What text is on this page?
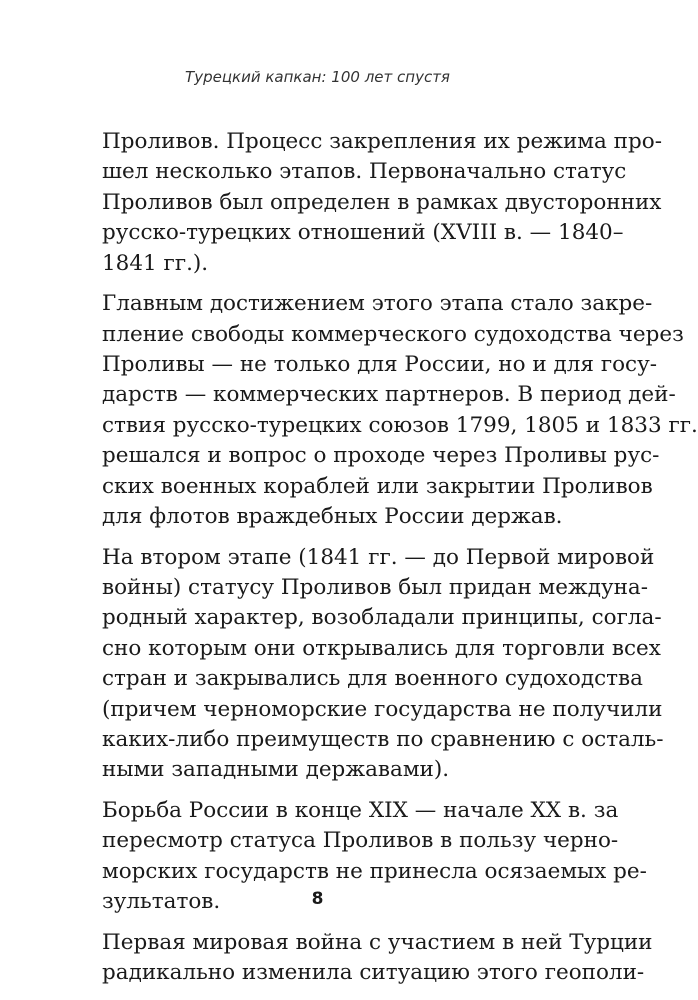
Турецкий капкан: 100 лет спустя
Проливов. Процесс закрепления их режима про-
шел несколько этапов. Первоначально статус
Проливов был определен в рамках двусторонних
русско-турецких отношений (XVIII в. — 1840–
1841 гг.).
Главным достижением этого этапа стало закре-
пление свободы коммерческого судоходства через
Проливы — не только для России, но и для госу-
дарств — коммерческих партнеров. В период дей-
ствия русско-турецких союзов 1799, 1805 и 1833 гг.
решался и вопрос о проходе через Проливы рус-
ских военных кораблей или закрытии Проливов
для флотов враждебных России держав.
На втором этапе (1841 гг. — до Первой мировой
войны) статусу Проливов был придан междуна-
родный характер, возобладали принципы, согла-
сно которым они открывались для торговли всех
стран и закрывались для военного судоходства
(причем черноморские государства не получили
каких-либо преимуществ по сравнению с осталь-
ными западными державами).
Борьба России в конце XIX — начале XX в. за
пересмотр статуса Проливов в пользу черно-
морских государств не принесла осязаемых ре-
зультатов.
Первая мировая война с участием в ней Турции
радикально изменила ситуацию этого геополи-
8
